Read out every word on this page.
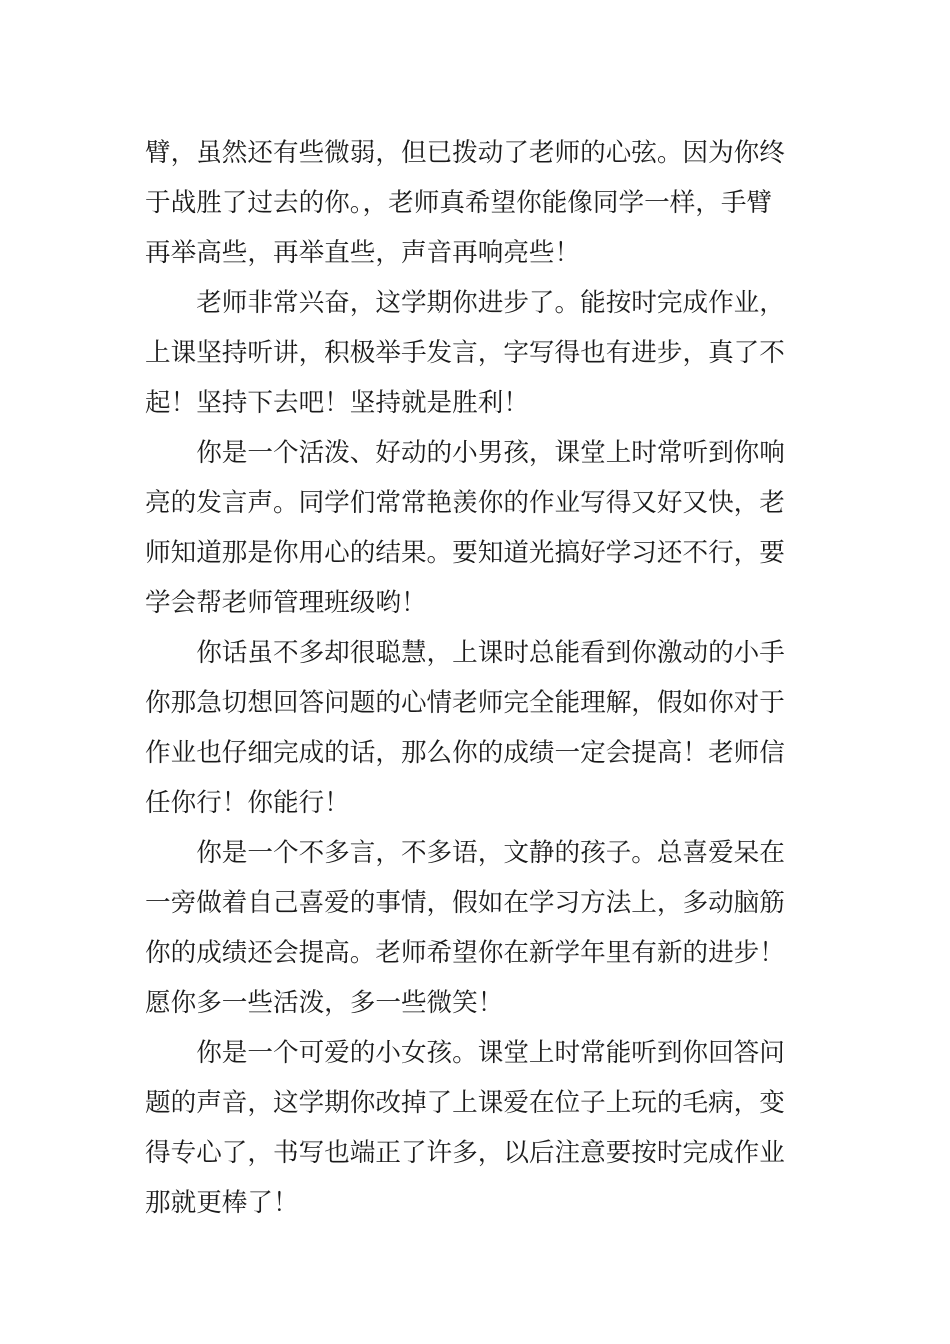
臂，虽然还有些微弱，但已拨动了老师的心弦。因为你终
于战胜了过去的你。，老师真希望你能像同学一样，手臂
再举高些，再举直些，声音再响亮些！

老师非常兴奋，这学期你进步了。能按时完成作业，
上课坚持听讲，积极举手发言，字写得也有进步，真了不
起！坚持下去吧！坚持就是胜利！

你是一个活泼、好动的小男孩，课堂上时常听到你响
亮的发言声。同学们常常艳羡你的作业写得又好又快，老
师知道那是你用心的结果。要知道光搞好学习还不行，要
学会帮老师管理班级哟！

你话虽不多却很聪慧，上课时总能看到你激动的小手
你那急切想回答问题的心情老师完全能理解，假如你对于
作业也仔细完成的话，那么你的成绩一定会提高！老师信
任你行！你能行！

你是一个不多言，不多语，文静的孩子。总喜爱呆在
一旁做着自己喜爱的事情，假如在学习方法上，多动脑筋
你的成绩还会提高。老师希望你在新学年里有新的进步！
愿你多一些活泼，多一些微笑！

你是一个可爱的小女孩。课堂上时常能听到你回答问
题的声音，这学期你改掉了上课爱在位子上玩的毛病，变
得专心了，书写也端正了许多，以后注意要按时完成作业
那就更棒了！
